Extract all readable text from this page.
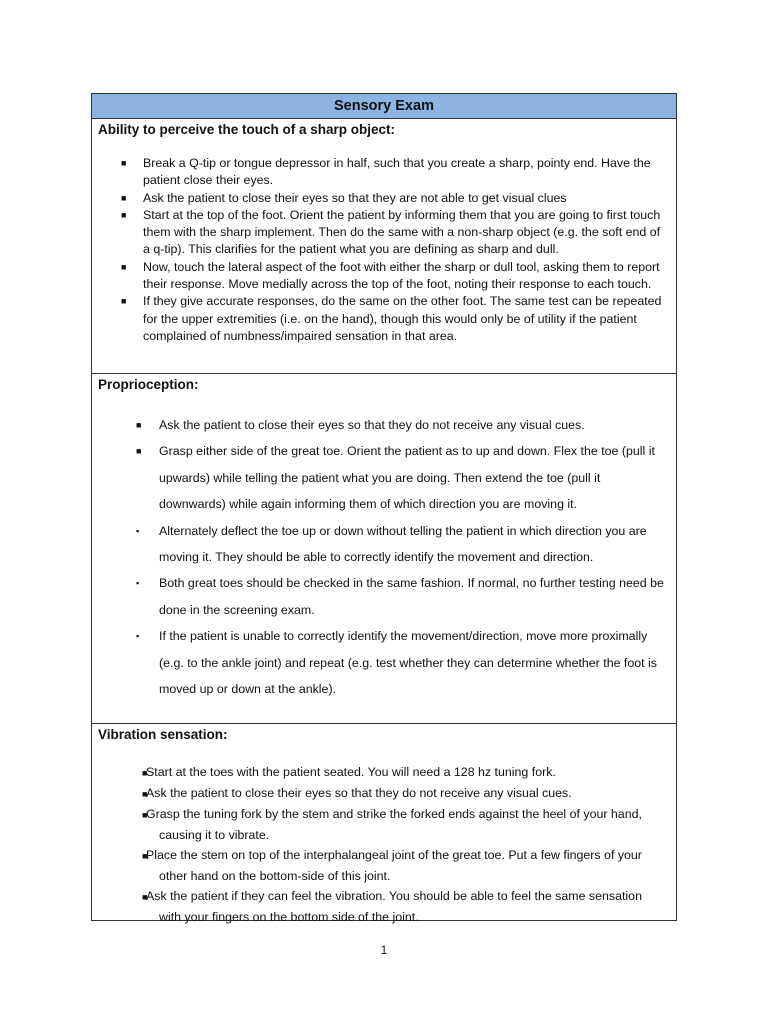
Sensory Exam
Ability to perceive the touch of a sharp object:
■ Break a Q-tip or tongue depressor in half, such that you create a sharp, pointy end. Have the patient close their eyes.
■ Ask the patient to close their eyes so that they are not able to get visual clues
■ Start at the top of the foot. Orient the patient by informing them that you are going to first touch them with the sharp implement. Then do the same with a non-sharp object (e.g. the soft end of a q-tip). This clarifies for the patient what you are defining as sharp and dull.
■ Now, touch the lateral aspect of the foot with either the sharp or dull tool, asking them to report their response. Move medially across the top of the foot, noting their response to each touch.
■ If they give accurate responses, do the same on the other foot. The same test can be repeated for the upper extremities (i.e. on the hand), though this would only be of utility if the patient complained of numbness/impaired sensation in that area.
Proprioception:
■ Ask the patient to close their eyes so that they do not receive any visual cues.
■ Grasp either side of the great toe. Orient the patient as to up and down. Flex the toe (pull it upwards) while telling the patient what you are doing. Then extend the toe (pull it downwards) while again informing them of which direction you are moving it.
▪ Alternately deflect the toe up or down without telling the patient in which direction you are moving it. They should be able to correctly identify the movement and direction.
▪ Both great toes should be checked in the same fashion. If normal, no further testing need be done in the screening exam.
▪ If the patient is unable to correctly identify the movement/direction, move more proximally (e.g. to the ankle joint) and repeat (e.g. test whether they can determine whether the foot is moved up or down at the ankle).
Vibration sensation:
■Start at the toes with the patient seated. You will need a 128 hz tuning fork.
■Ask the patient to close their eyes so that they do not receive any visual cues.
■Grasp the tuning fork by the stem and strike the forked ends against the heel of your hand, causing it to vibrate.
■Place the stem on top of the interphalangeal joint of the great toe. Put a few fingers of your other hand on the bottom-side of this joint.
■Ask the patient if they can feel the vibration. You should be able to feel the same sensation with your fingers on the bottom side of the joint.
1
